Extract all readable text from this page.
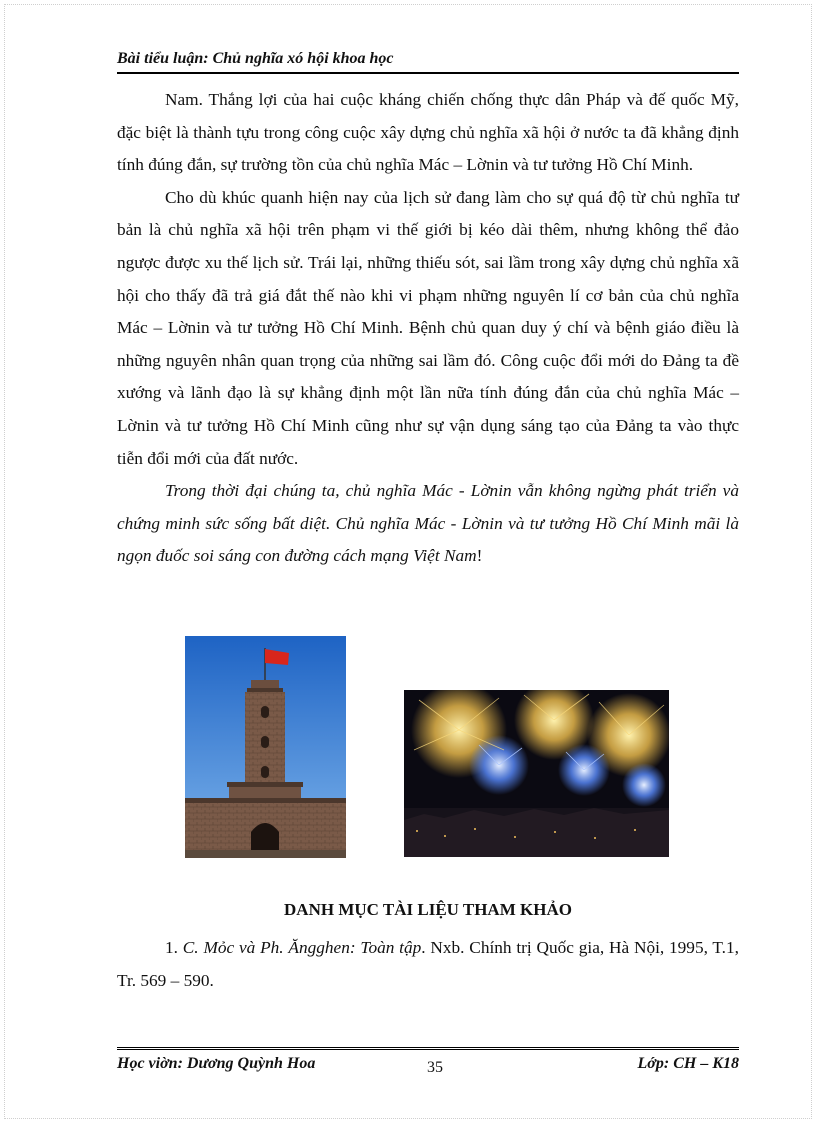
Bài tiểu luận: Chủ nghĩa xó hội khoa học

Nam. Thắng lợi của hai cuộc kháng chiến chống thực dân Pháp và đế quốc Mỹ, đặc biệt là thành tựu trong công cuộc xây dựng chủ nghĩa xã hội ở nước ta đã khẳng định tính đúng đắn, sự trường tồn của chủ nghĩa Mác – Lờnin và tư tưởng Hồ Chí Minh.

Cho dù khúc quanh hiện nay của lịch sử đang làm cho sự quá độ từ chủ nghĩa tư bản là chủ nghĩa xã hội trên phạm vi thế giới bị kéo dài thêm, nhưng không thể đảo ngược được xu thế lịch sử. Trái lại, những thiếu sót, sai lầm trong xây dựng chủ nghĩa xã hội cho thấy đã trả giá đắt thế nào khi vi phạm những nguyên lí cơ bản của chủ nghĩa Mác – Lờnin và tư tưởng Hồ Chí Minh. Bệnh chủ quan duy ý chí và bệnh giáo điều là những nguyên nhân quan trọng của những sai lầm đó. Công cuộc đổi mới do Đảng ta đề xướng và lãnh đạo là sự khẳng định một lần nữa tính đúng đắn của chủ nghĩa Mác – Lờnin và tư tưởng Hồ Chí Minh cũng như sự vận dụng sáng tạo của Đảng ta vào thực tiễn đổi mới của đất nước.

Trong thời đại chúng ta, chủ nghĩa Mác - Lờnin vẫn không ngừng phát triển và chứng minh sức sống bất diệt. Chủ nghĩa Mác - Lờnin và tư tưởng Hồ Chí Minh mãi là ngọn đuốc soi sáng con đường cách mạng Việt Nam!

DANH MỤC TÀI LIỆU THAM KHẢO

1. C. Mỏc và Ph. Ăngghen: Toàn tập. Nxb. Chính trị Quốc gia, Hà Nội, 1995, T.1, Tr. 569 – 590.

Học viờn: Dương Quỳnh Hoa	35	Lớp: CH – K18
